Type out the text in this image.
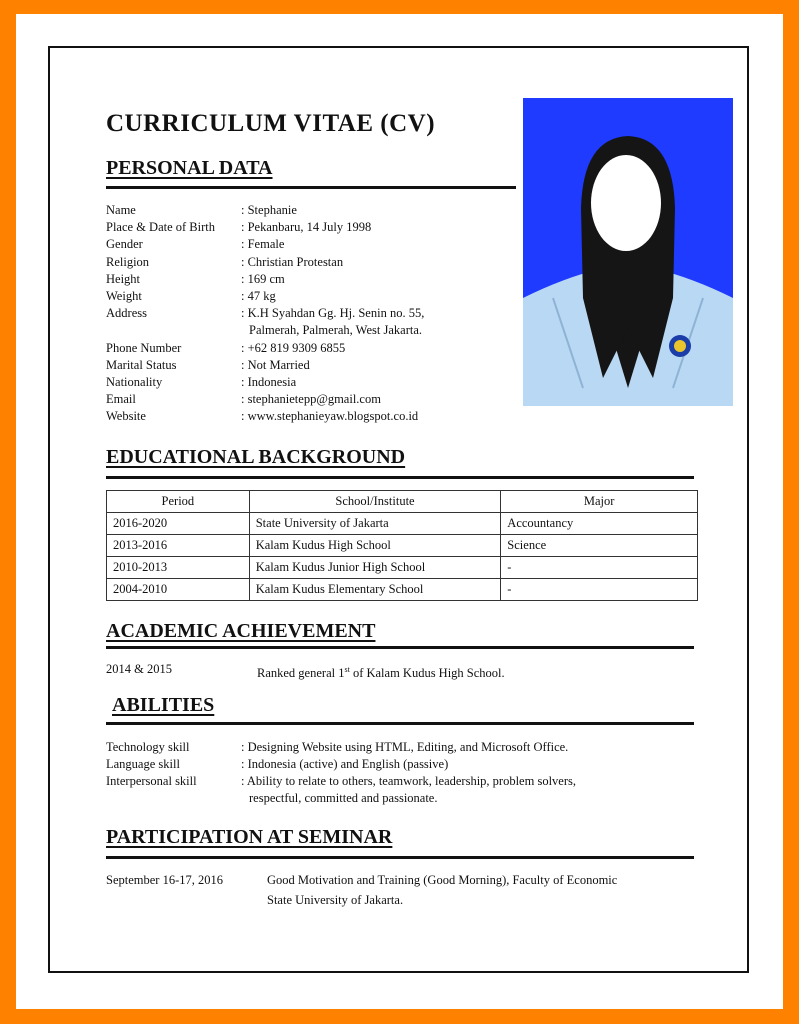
CURRICULUM VITAE (CV)
PERSONAL DATA
Name	: Stephanie
Place & Date of Birth : Pekanbaru, 14 July 1998
Gender	: Female
Religion	: Christian Protestan
Height	: 169 cm
Weight	: 47 kg
Address	: K.H Syahdan Gg. Hj. Senin no. 55,
Palmerah, Palmerah, West Jakarta.
Phone Number	: +62 819 9309 6855
Marital Status	: Not Married
Nationality	: Indonesia
Email	: stephanietepp@gmail.com
Website	: www.stephanieyaw.blogspot.co.id
EDUCATIONAL BACKGROUND
Period	School/Institute	Major
2016-2020	State University of Jakarta	Accountancy
2013-2016	Kalam Kudus High School	Science
2010-2013	Kalam Kudus Junior High School	-
2004-2010	Kalam Kudus Elementary School	-
ACADEMIC ACHIEVEMENT
2014 & 2015	Ranked general 1st of Kalam Kudus High School.
ABILITIES
Technology skill	: Designing Website using HTML, Editing, and Microsoft Office.
Language skill	: Indonesia (active) and English (passive)
Interpersonal skill	: Ability to relate to others, teamwork, leadership, problem solvers,
respectful, committed and passionate.
PARTICIPATION AT SEMINAR
September 16-17, 2016	Good Motivation and Training (Good Morning), Faculty of Economic
State University of Jakarta.
